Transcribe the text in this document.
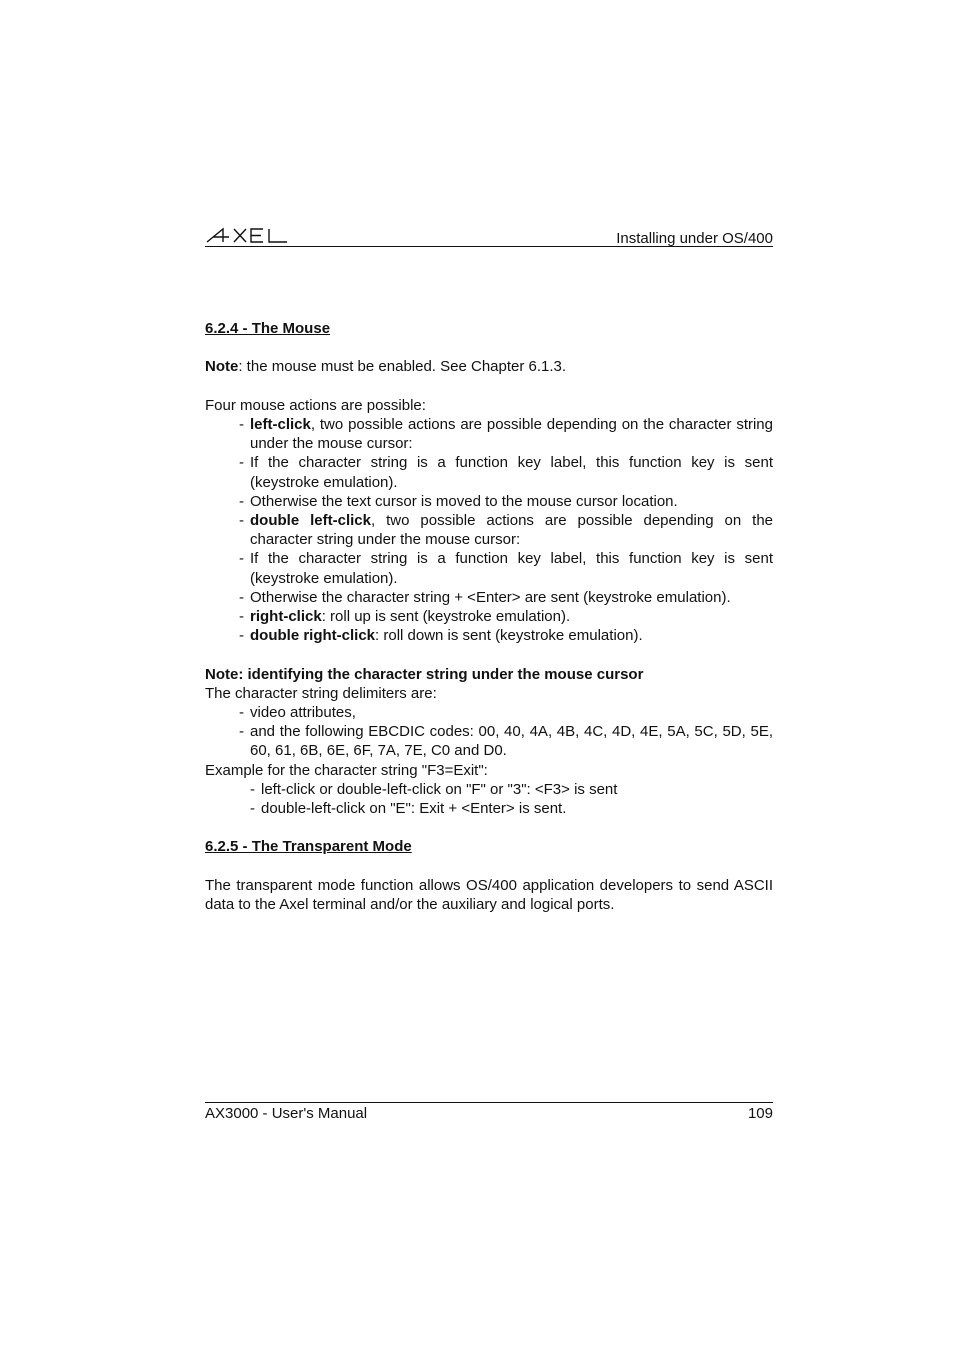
Installing under OS/400

6.2.4 - The Mouse

Note: the mouse must be enabled. See Chapter 6.1.3.

Four mouse actions are possible:

- left-click, two possible actions are possible depending on the character string under the mouse cursor:
- If the character string is a function key label, this function key is sent (keystroke emulation).
- Otherwise the text cursor is moved to the mouse cursor location.
- double left-click, two possible actions are possible depending on the character string under the mouse cursor:
- If the character string is a function key label, this function key is sent (keystroke emulation).
- Otherwise the character string + <Enter> are sent (keystroke emulation).
- right-click: roll up is sent (keystroke emulation).
- double right-click: roll down is sent (keystroke emulation).

Note: identifying the character string under the mouse cursor

The character string delimiters are:

- video attributes,
- and the following EBCDIC codes: 00, 40, 4A, 4B, 4C, 4D, 4E, 5A, 5C, 5D, 5E, 60, 61, 6B, 6E, 6F, 7A, 7E, C0 and D0.

Example for the character string "F3=Exit":

- left-click or double-left-click on "F" or "3": <F3> is sent
- double-left-click on "E": Exit + <Enter> is sent.

6.2.5 - The Transparent Mode

The transparent mode function allows OS/400 application developers to send ASCII data to the Axel terminal and/or the auxiliary and logical ports.

AX3000 - User's Manual	109
